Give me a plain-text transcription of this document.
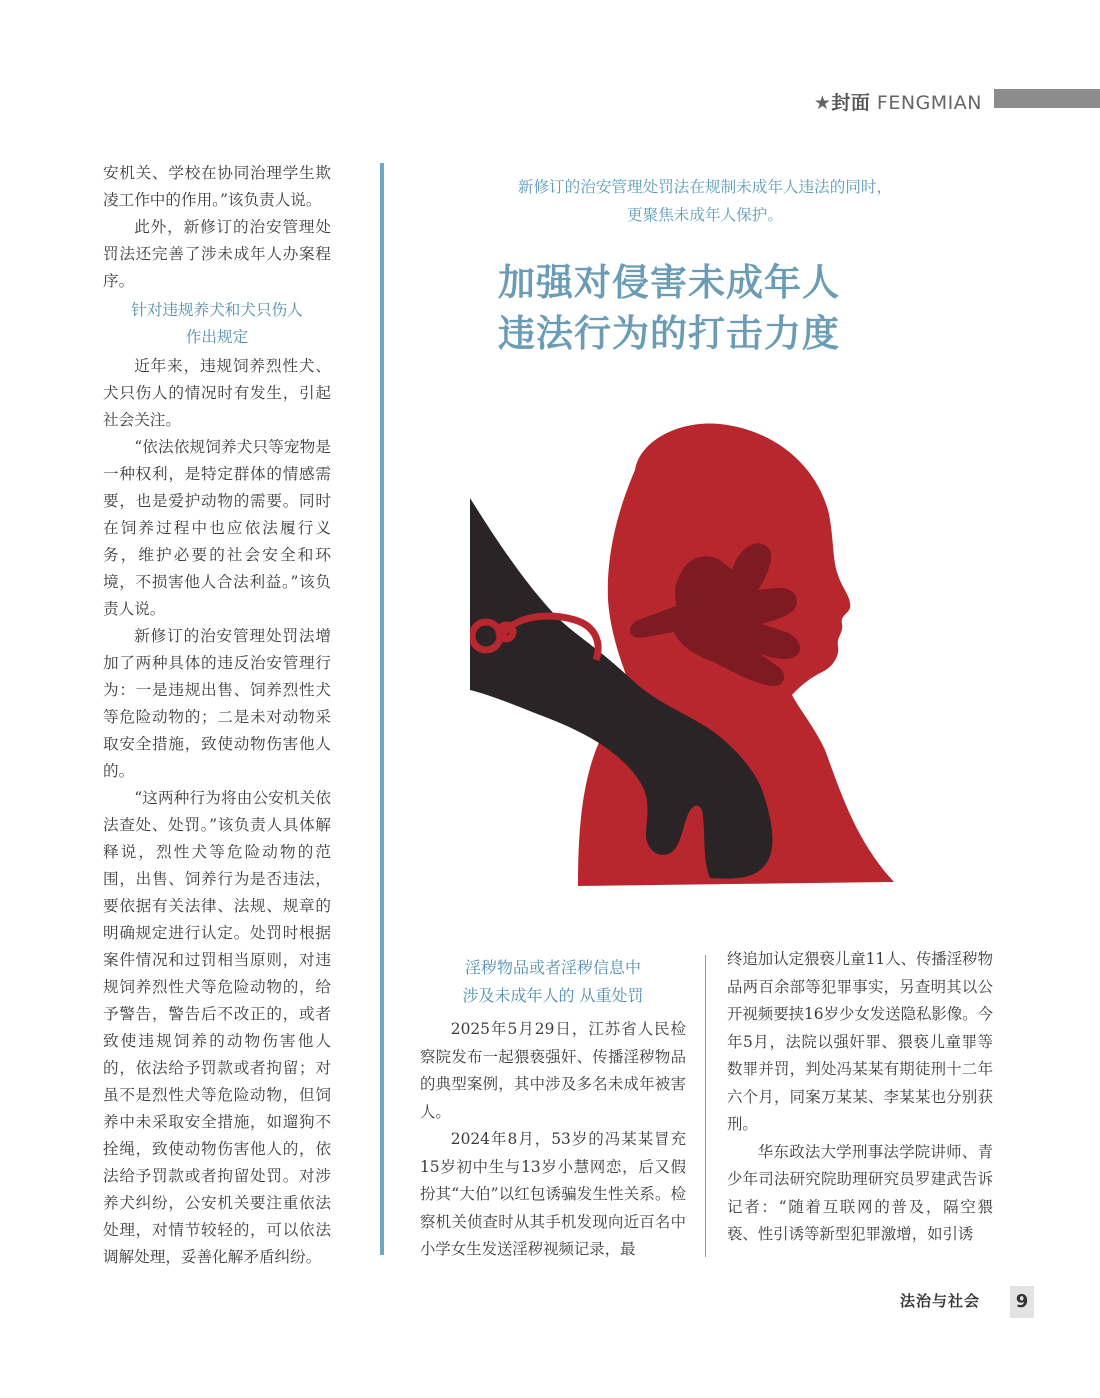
★封面 FENGMIAN

安机关、学校在协同治理学生欺凌工作中的作用。”该负责人说。

此外，新修订的治安管理处罚法还完善了涉未成年人办案程序。

针对违规养犬和犬只伤人
作出规定

近年来，违规饲养烈性犬、犬只伤人的情况时有发生，引起社会关注。

“依法依规饲养犬只等宠物是一种权利，是特定群体的情感需要，也是爱护动物的需要。同时在饲养过程中也应依法履行义务，维护必要的社会安全和环境，不损害他人合法利益。”该负责人说。

新修订的治安管理处罚法增加了两种具体的违反治安管理行为：一是违规出售、饲养烈性犬等危险动物的；二是未对动物采取安全措施，致使动物伤害他人的。

“这两种行为将由公安机关依法查处、处罚。”该负责人具体解释说，烈性犬等危险动物的范围，出售、饲养行为是否违法，要依据有关法律、法规、规章的明确规定进行认定。处罚时根据案件情况和过罚相当原则，对违规饲养烈性犬等危险动物的，给予警告，警告后不改正的，或者致使违规饲养的动物伤害他人的，依法给予罚款或者拘留；对虽不是烈性犬等危险动物，但饲养中未采取安全措施，如遛狗不拴绳，致使动物伤害他人的，依法给予罚款或者拘留处罚。对涉养犬纠纷，公安机关要注重依法处理，对情节较轻的，可以依法调解处理，妥善化解矛盾纠纷。

新修订的治安管理处罚法在规制未成年人违法的同时，
更聚焦未成年人保护。
加强对侵害未成年人
违法行为的打击力度
淫秽物品或者淫秽信息中
涉及未成年人的 从重处罚

2025年5月29日，江苏省人民检察院发布一起猥亵强奸、传播淫秽物品的典型案例，其中涉及多名未成年被害人。

2024年8月，53岁的冯某某冒充15岁初中生与13岁小慧网恋，后又假扮其“大伯”以红包诱骗发生性关系。检察机关侦查时从其手机发现向近百名中小学女生发送淫秽视频记录，最

终追加认定猥亵儿童11人、传播淫秽物品两百余部等犯罪事实，另查明其以公开视频要挟16岁少女发送隐私影像。今年5月，法院以强奸罪、猥亵儿童罪等数罪并罚，判处冯某某有期徒刑十二年六个月，同案万某某、李某某也分别获刑。

华东政法大学刑事法学院讲师、青少年司法研究院助理研究员罗建武告诉记者：“随着互联网的普及，隔空猥亵、性引诱等新型犯罪激增，如引诱

法治与社会	9
